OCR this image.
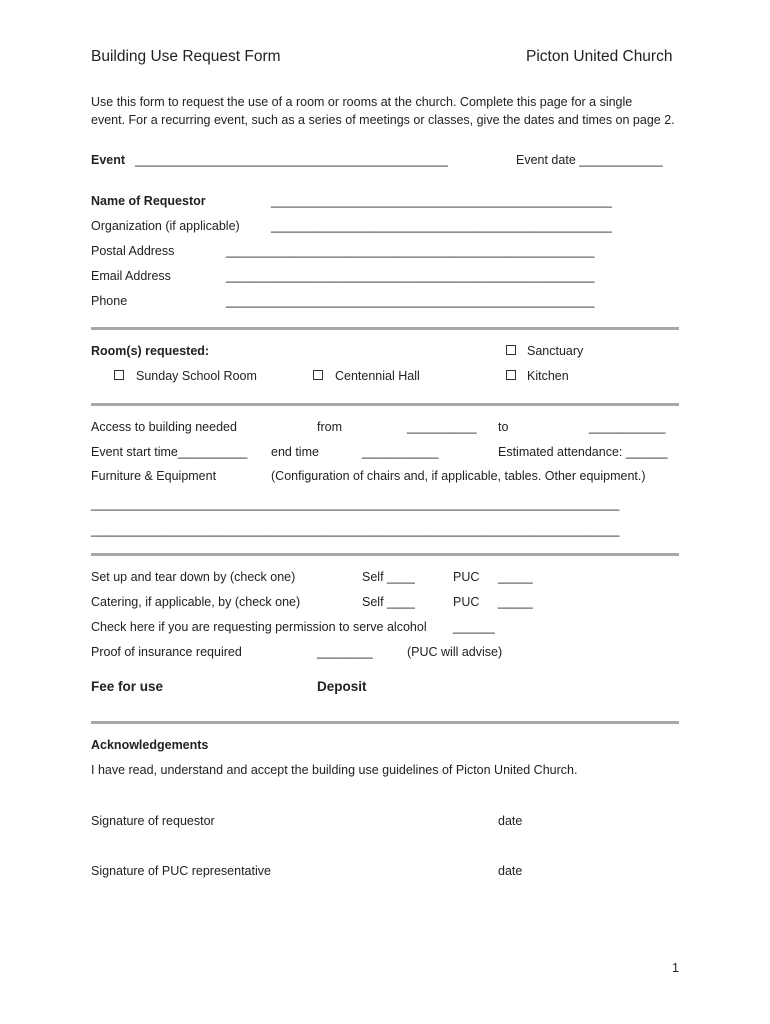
Building Use Request Form	Picton United Church
Use this form to request the use of a room or rooms at the church. Complete this page for a single
event. For a recurring event, such as a series of meetings or classes, give the dates and times on page 2.
Event _____________________________________________	Event date ____________
Name of Requestor	_________________________________________________
Organization (if applicable)	_________________________________________________
Postal Address	_____________________________________________________
Email Address	_____________________________________________________
Phone	_____________________________________________________
Room(s) requested:	Sanctuary
Sunday School Room	Centennial Hall	Kitchen
Access to building needed	from	__________ to	___________
Event start time__________ end time	___________	Estimated attendance: ______
Furniture & Equipment	(Configuration of chairs and, if applicable, tables. Other equipment.)
____________________________________________________________________________
____________________________________________________________________________
Set up and tear down by (check one)	Self ____	PUC _____
Catering, if applicable, by (check one)	Self ____	PUC _____
Check here if you are requesting permission to serve alcohol ______
Proof of insurance required	________	(PUC will advise)
Fee for use	Deposit
Acknowledgements
I have read, understand and accept the building use guidelines of Picton United Church.
Signature of requestor	date
Signature of PUC representative	date
1
